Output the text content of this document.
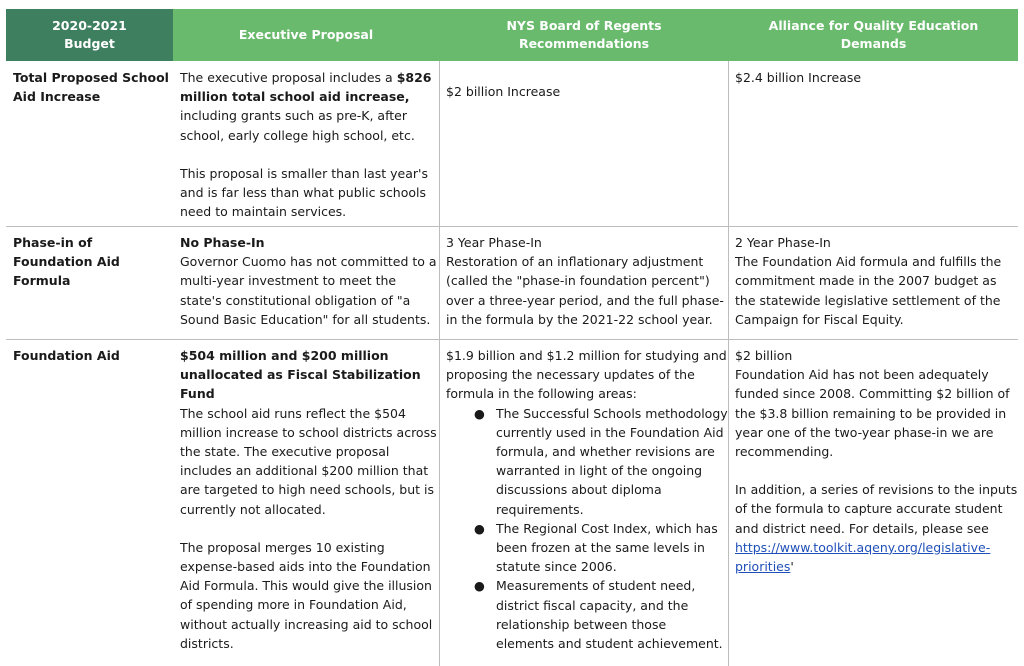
2020-2021 Budget
Executive Proposal
NYS Board of Regents Recommendations
Alliance for Quality Education Demands
Total Proposed School Aid Increase

The executive proposal includes a $826 million total school aid increase, including grants such as pre-K, after school, early college high school, etc.

This proposal is smaller than last year's and is far less than what public schools need to maintain services.

$2 billion Increase

$2.4 billion Increase

Phase-in of Foundation Aid Formula

No Phase-In

Governor Cuomo has not committed to a multi-year investment to meet the state's constitutional obligation of "a Sound Basic Education" for all students.

3 Year Phase-In

Restoration of an inflationary adjustment (called the "phase-in foundation percent") over a three-year period, and the full phase-in the formula by the 2021-22 school year.

2 Year Phase-In

The Foundation Aid formula and fulfills the commitment made in the 2007 budget as the statewide legislative settlement of the Campaign for Fiscal Equity.

Foundation Aid	$504 million and $200 million unallocated as Fiscal Stabilization Fund

The school aid runs reflect the $504 million increase to school districts across the state. The executive proposal includes an additional $200 million that are targeted to high need schools, but is currently not allocated.

The proposal merges 10 existing expense-based aids into the Foundation Aid Formula. This would give the illusion of spending more in Foundation Aid, without actually increasing aid to school districts.

$1.9 billion and $1.2 million for studying and proposing the necessary updates of the formula in the following areas:

● The Successful Schools methodology currently used in the Foundation Aid formula, and whether revisions are warranted in light of the ongoing discussions about diploma requirements.
● The Regional Cost Index, which has been frozen at the same levels in statute since 2006.
● Measurements of student need, district fiscal capacity, and the relationship between those elements and student achievement.

$2 billion

Foundation Aid has not been adequately funded since 2008. Committing $2 billion of the $3.8 billion remaining to be provided in year one of the two-year phase-in we are recommending.

In addition, a series of revisions to the inputs of the formula to capture accurate student and district need. For details, please see https://www.toolkit.aqeny.org/legislative-priorities'
